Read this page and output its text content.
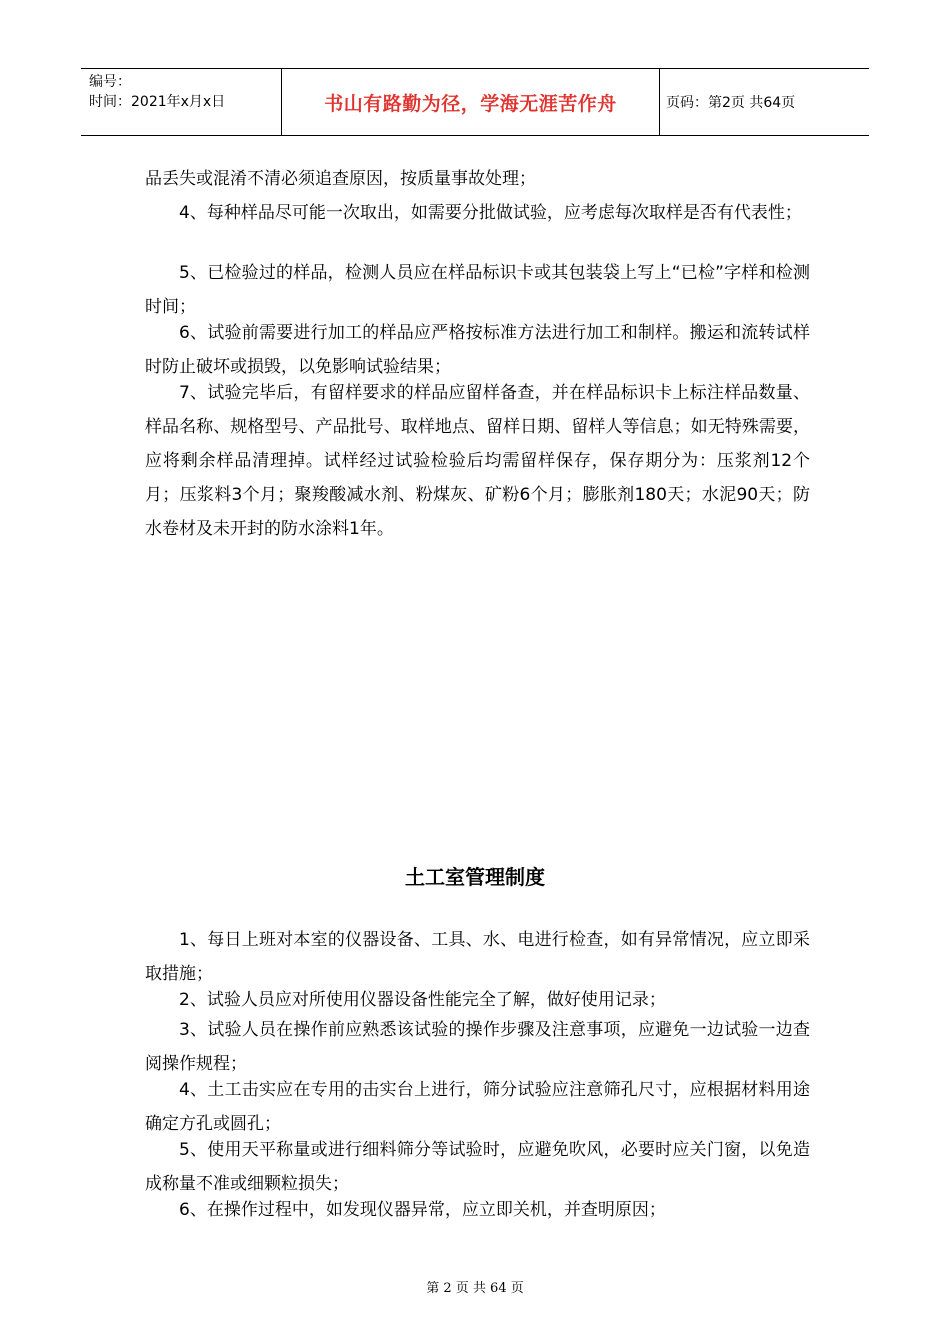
编号：
时间：2021年x月x日	书山有路勤为径，学海无涯苦作舟	页码：第2页 共64页

品丢失或混淆不清必须追查原因，按质量事故处理；

4、每种样品尽可能一次取出，如需要分批做试验，应考虑每次取样是否有代表性；

5、已检验过的样品，检测人员应在样品标识卡或其包装袋上写上“已检”字样和检测时间；

6、试验前需要进行加工的样品应严格按标准方法进行加工和制样。搬运和流转试样时防止破坏或损毁，以免影响试验结果；

7、试验完毕后，有留样要求的样品应留样备查，并在样品标识卡上标注样品数量、样品名称、规格型号、产品批号、取样地点、留样日期、留样人等信息；如无特殊需要，应将剩余样品清理掉。试样经过试验检验后均需留样保存，保存期分为：压浆剂12个月；压浆料3个月；聚羧酸减水剂、粉煤灰、矿粉6个月；膨胀剂180天；水泥90天；防水卷材及未开封的防水涂料1年。

土工室管理制度

1、每日上班对本室的仪器设备、工具、水、电进行检查，如有异常情况，应立即采取措施；

2、试验人员应对所使用仪器设备性能完全了解，做好使用记录；

3、试验人员在操作前应熟悉该试验的操作步骤及注意事项，应避免一边试验一边查阅操作规程；

4、土工击实应在专用的击实台上进行，筛分试验应注意筛孔尺寸，应根据材料用途确定方孔或圆孔；

5、使用天平称量或进行细料筛分等试验时，应避免吹风，必要时应关门窗，以免造成称量不准或细颗粒损失；

6、在操作过程中，如发现仪器异常，应立即关机，并查明原因；

第 2 页 共 64 页
